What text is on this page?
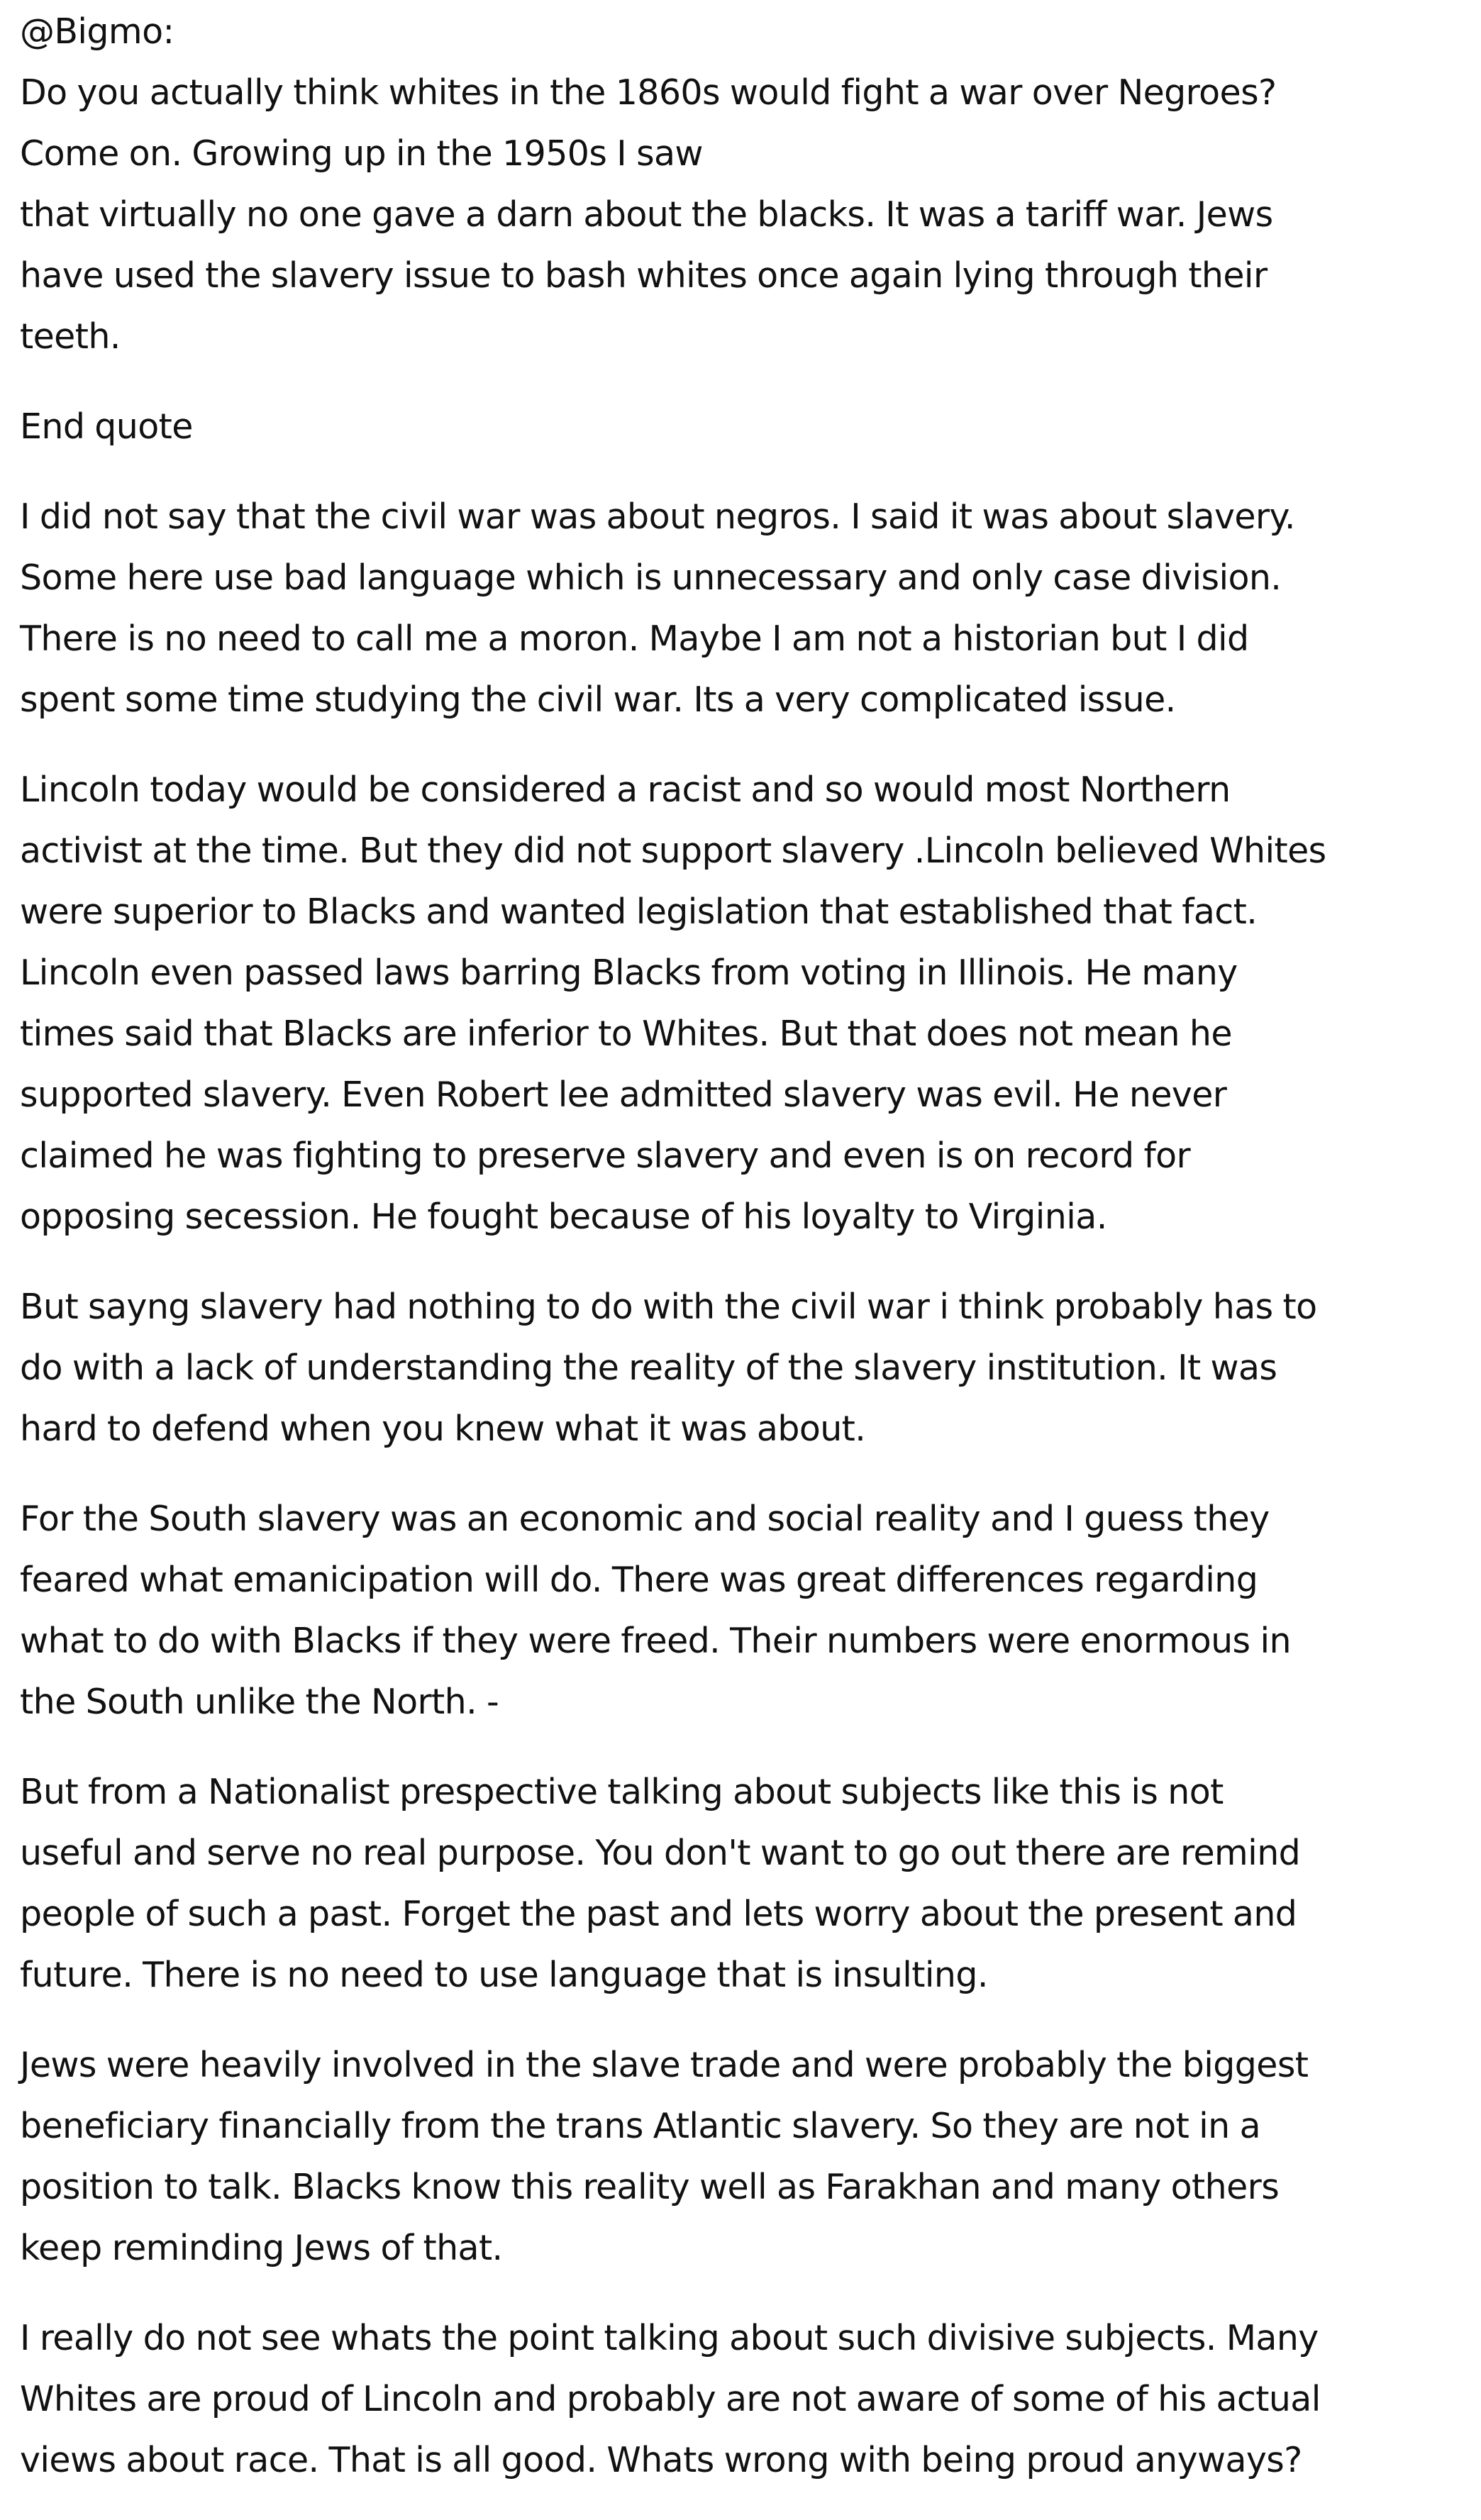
@Bigmo:
Do you actually think whites in the 1860s would fight a war over Negroes?
Come on. Growing up in the 1950s I saw
that virtually no one gave a darn about the blacks. It was a tariff war. Jews
have used the slavery issue to bash whites once again lying through their
teeth.
End quote
I did not say that the civil war was about negros. I said it was about slavery.
Some here use bad language which is unnecessary and only case division.
There is no need to call me a moron. Maybe I am not a historian but I did
spent some time studying the civil war. Its a very complicated issue.
Lincoln today would be considered a racist and so would most Northern
activist at the time. But they did not support slavery .Lincoln believed Whites
were superior to Blacks and wanted legislation that established that fact.
Lincoln even passed laws barring Blacks from voting in Illinois. He many
times said that Blacks are inferior to Whites. But that does not mean he
supported slavery. Even Robert lee admitted slavery was evil. He never
claimed he was fighting to preserve slavery and even is on record for
opposing secession. He fought because of his loyalty to Virginia.
But sayng slavery had nothing to do with the civil war i think probably has to
do with a lack of understanding the reality of the slavery institution. It was
hard to defend when you knew what it was about.
For the South slavery was an economic and social reality and I guess they
feared what emanicipation will do. There was great differences regarding
what to do with Blacks if they were freed. Their numbers were enormous in
the South unlike the North. -
But from a Nationalist prespective talking about subjects like this is not
useful and serve no real purpose. You don't want to go out there are remind
people of such a past. Forget the past and lets worry about the present and
future. There is no need to use language that is insulting.
Jews were heavily involved in the slave trade and were probably the biggest
beneficiary financially from the trans Atlantic slavery. So they are not in a
position to talk. Blacks know this reality well as Farakhan and many others
keep reminding Jews of that.
I really do not see whats the point talking about such divisive subjects. Many
Whites are proud of Lincoln and probably are not aware of some of his actual
views about race. That is all good. Whats wrong with being proud anyways?
